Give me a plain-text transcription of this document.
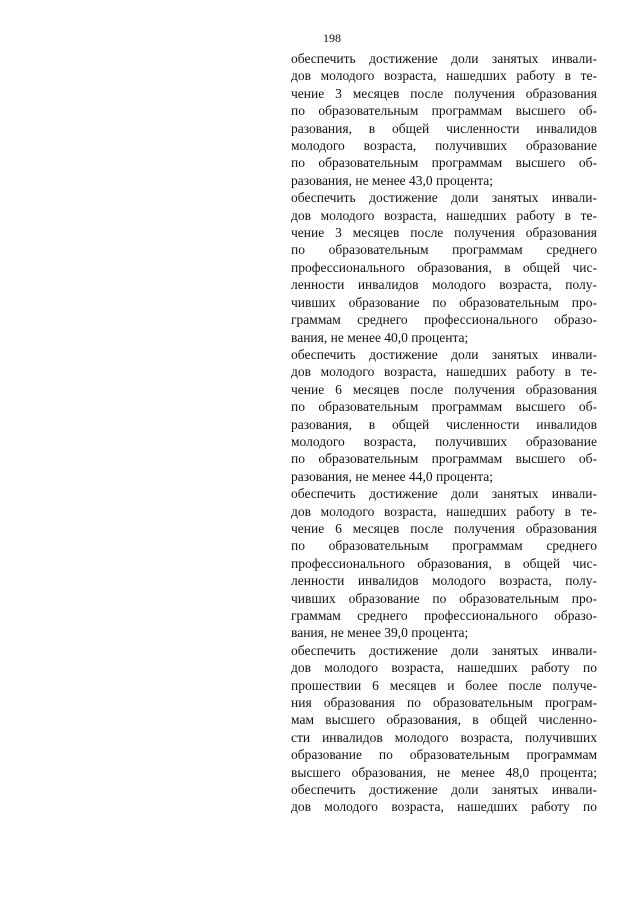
198
обеспечить достижение доли занятых инвали-
дов молодого возраста, нашедших работу в те-
чение 3 месяцев после получения образования
по образовательным программам высшего об-
разования, в общей численности инвалидов
молодого возраста, получивших образование
по образовательным программам высшего об-
разования, не менее 43,0 процента;
обеспечить достижение доли занятых инвали-
дов молодого возраста, нашедших работу в те-
чение 3 месяцев после получения образования
по образовательным программам среднего
профессионального образования, в общей чис-
ленности инвалидов молодого возраста, полу-
чивших образование по образовательным про-
граммам среднего профессионального образо-
вания, не менее 40,0 процента;
обеспечить достижение доли занятых инвали-
дов молодого возраста, нашедших работу в те-
чение 6 месяцев после получения образования
по образовательным программам высшего об-
разования, в общей численности инвалидов
молодого возраста, получивших образование
по образовательным программам высшего об-
разования, не менее 44,0 процента;
обеспечить достижение доли занятых инвали-
дов молодого возраста, нашедших работу в те-
чение 6 месяцев после получения образования
по образовательным программам среднего
профессионального образования, в общей чис-
ленности инвалидов молодого возраста, полу-
чивших образование по образовательным про-
граммам среднего профессионального образо-
вания, не менее 39,0 процента;
обеспечить достижение доли занятых инвали-
дов молодого возраста, нашедших работу по
прошествии 6 месяцев и более после получе-
ния образования по образовательным програм-
мам высшего образования, в общей численно-
сти инвалидов молодого возраста, получивших
образование по образовательным программам
высшего образования, не менее 48,0 процента;
обеспечить достижение доли занятых инвали-
дов молодого возраста, нашедших работу по
